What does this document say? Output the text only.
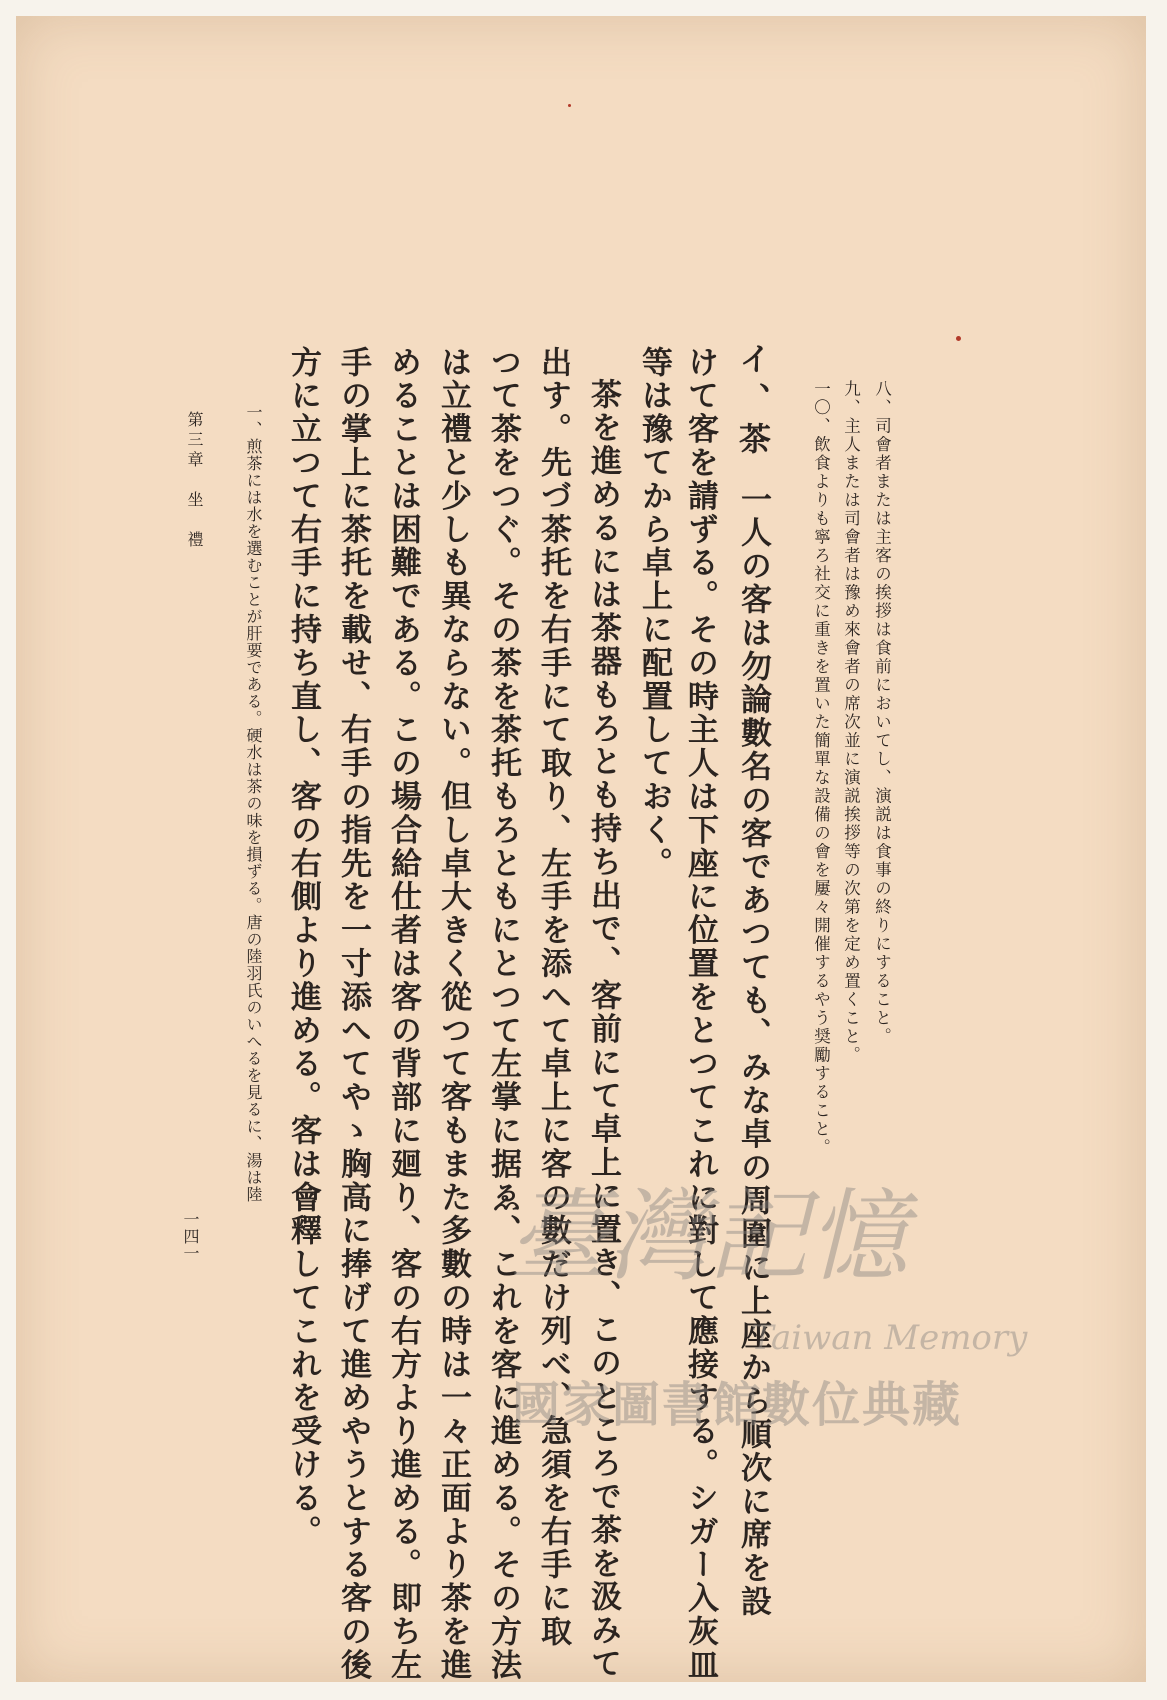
八、司會者または主客の挨拶は食前においてし、演説は食事の終りにすること。
九、主人または司會者は豫め來會者の席次並に演説挨拶等の次第を定め置くこと。
一〇、飲食よりも寧ろ社交に重きを置いた簡單な設備の會を屢々開催するやう奨勵すること。
イ、茶
一人の客は勿論數名の客であつても、みな卓の周圍に上座から順次に席を設
けて客を請ずる。その時主人は下座に位置をとつてこれに對して應接する。シガー入灰皿
等は豫てから卓上に配置しておく。
茶を進めるには茶器もろとも持ち出で、客前にて卓上に置き、このところで茶を汲みて
出す。先づ茶托を右手にて取り、左手を添へて卓上に客の數だけ列べ、急須を右手に取
つて茶をつぐ。その茶を茶托もろともにとつて左掌に据ゑ、これを客に進める。その方法
は立禮と少しも異ならない。但し卓大きく從つて客もまた多數の時は一々正面より茶を進
めることは困難である。この場合給仕者は客の背部に廻り、客の右方より進める。即ち左
手の掌上に茶托を載せ、右手の指先を一寸添へてやゝ胸高に捧げて進めやうとする客の後
方に立つて右手に持ち直し、客の右側より進める。客は會釋してこれを受ける。
一、煎茶には水を選むことが肝要である。硬水は茶の味を損ずる。唐の陸羽氏のいへるを見るに、湯は陸
第三章　坐　禮
一四一	臺灣記憶
Taiwan Memory
國家圖書館數位典藏
